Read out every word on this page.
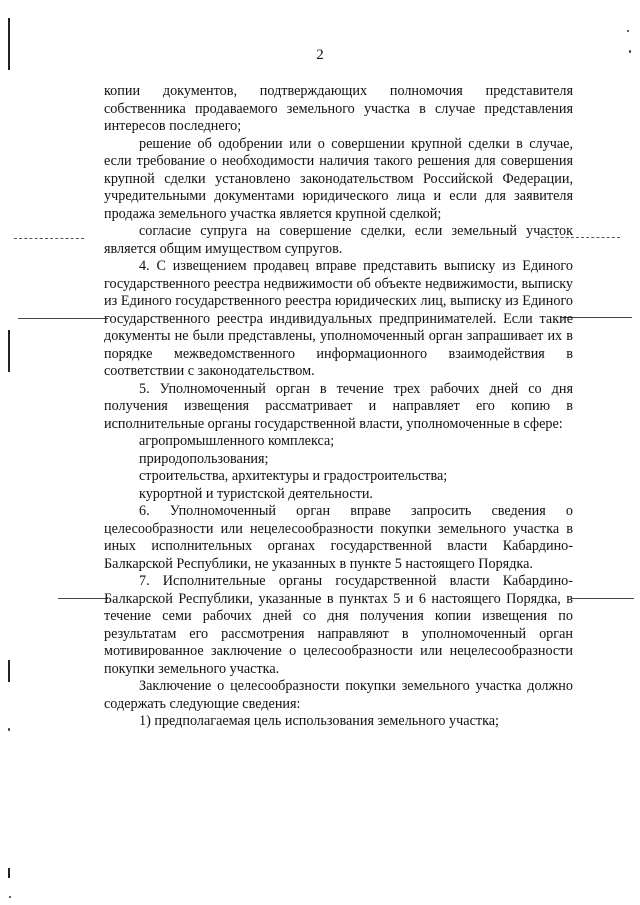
2

копии документов, подтверждающих полномочия представителя собственника продаваемого земельного участка в случае представления интересов последнего;

решение об одобрении или о совершении крупной сделки в случае, если требование о необходимости наличия такого решения для совершения крупной сделки установлено законодательством Российской Федерации, учредительными документами юридического лица и если для заявителя продажа земельного участка является крупной сделкой;

согласие супруга на совершение сделки, если земельный участок является общим имуществом супругов.

4. С извещением продавец вправе представить выписку из Единого государственного реестра недвижимости об объекте недвижимости, выписку из Единого государственного реестра юридических лиц, выписку из Единого государственного реестра индивидуальных предпринимателей. Если такие документы не были представлены, уполномоченный орган запрашивает их в порядке межведомственного информационного взаимодействия в соответствии с законодательством.

5. Уполномоченный орган в течение трех рабочих дней со дня получения извещения рассматривает и направляет его копию в исполнительные органы государственной власти, уполномоченные в сфере:

агропромышленного комплекса;

природопользования;

строительства, архитектуры и градостроительства;

курортной и туристской деятельности.

6. Уполномоченный орган вправе запросить сведения о целесообразности или нецелесообразности покупки земельного участка в иных исполнительных органах государственной власти Кабардино-Балкарской Республики, не указанных в пункте 5 настоящего Порядка.

7. Исполнительные органы государственной власти Кабардино-Балкарской Республики, указанные в пунктах 5 и 6 настоящего Порядка, в течение семи рабочих дней со дня получения копии извещения по результатам его рассмотрения направляют в уполномоченный орган мотивированное заключение о целесообразности или нецелесообразности покупки земельного участка.

Заключение о целесообразности покупки земельного участка должно содержать следующие сведения:

1) предполагаемая цель использования земельного участка;
